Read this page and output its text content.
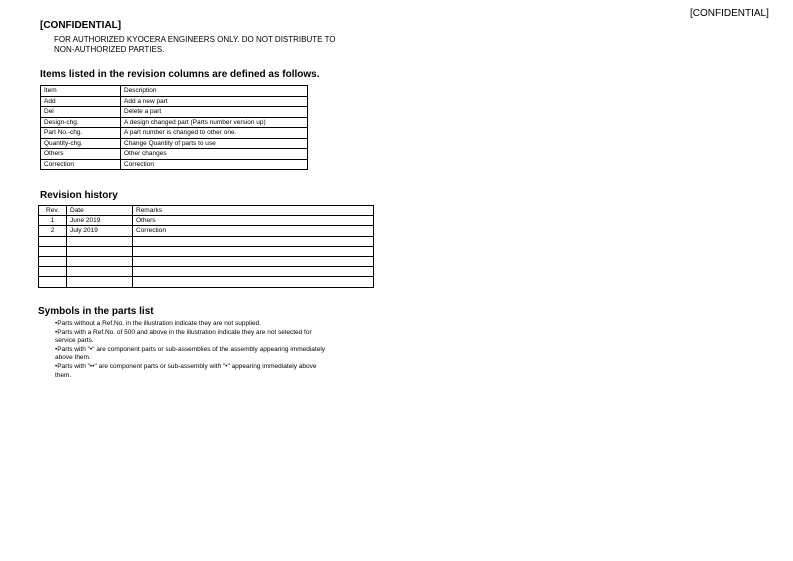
[CONFIDENTIAL]
[CONFIDENTIAL]
FOR AUTHORIZED KYOCERA ENGINEERS ONLY. DO NOT DISTRIBUTE TO
NON-AUTHORIZED PARTIES.
Items listed in the revision columns are defined as follows.
Item	Description
Add	Add a new part
Del	Delete a part
Design-chg.	A design changed part (Parts number version up)
Part No.-chg.	A part number is changed to other one.
Quantity-chg.	Change Quantity of parts to use
Others	Other changes
Correction	Correction
Revision history
Rev.	Date	Remarks
1	June 2019	Others
2	July 2019	Correction

Symbols in the parts list
•Parts without a Ref.No. in the illustration indicate they are not supplied.
•Parts with a Ref.No. of 500 and above in the illustration indicate they are not selected for
service parts.
•Parts with "•" are component parts or sub-assemblies of the assembly appearing immediately
above them.
•Parts with "••" are component parts or sub-assembly with "•" appearing immediately above
them.
